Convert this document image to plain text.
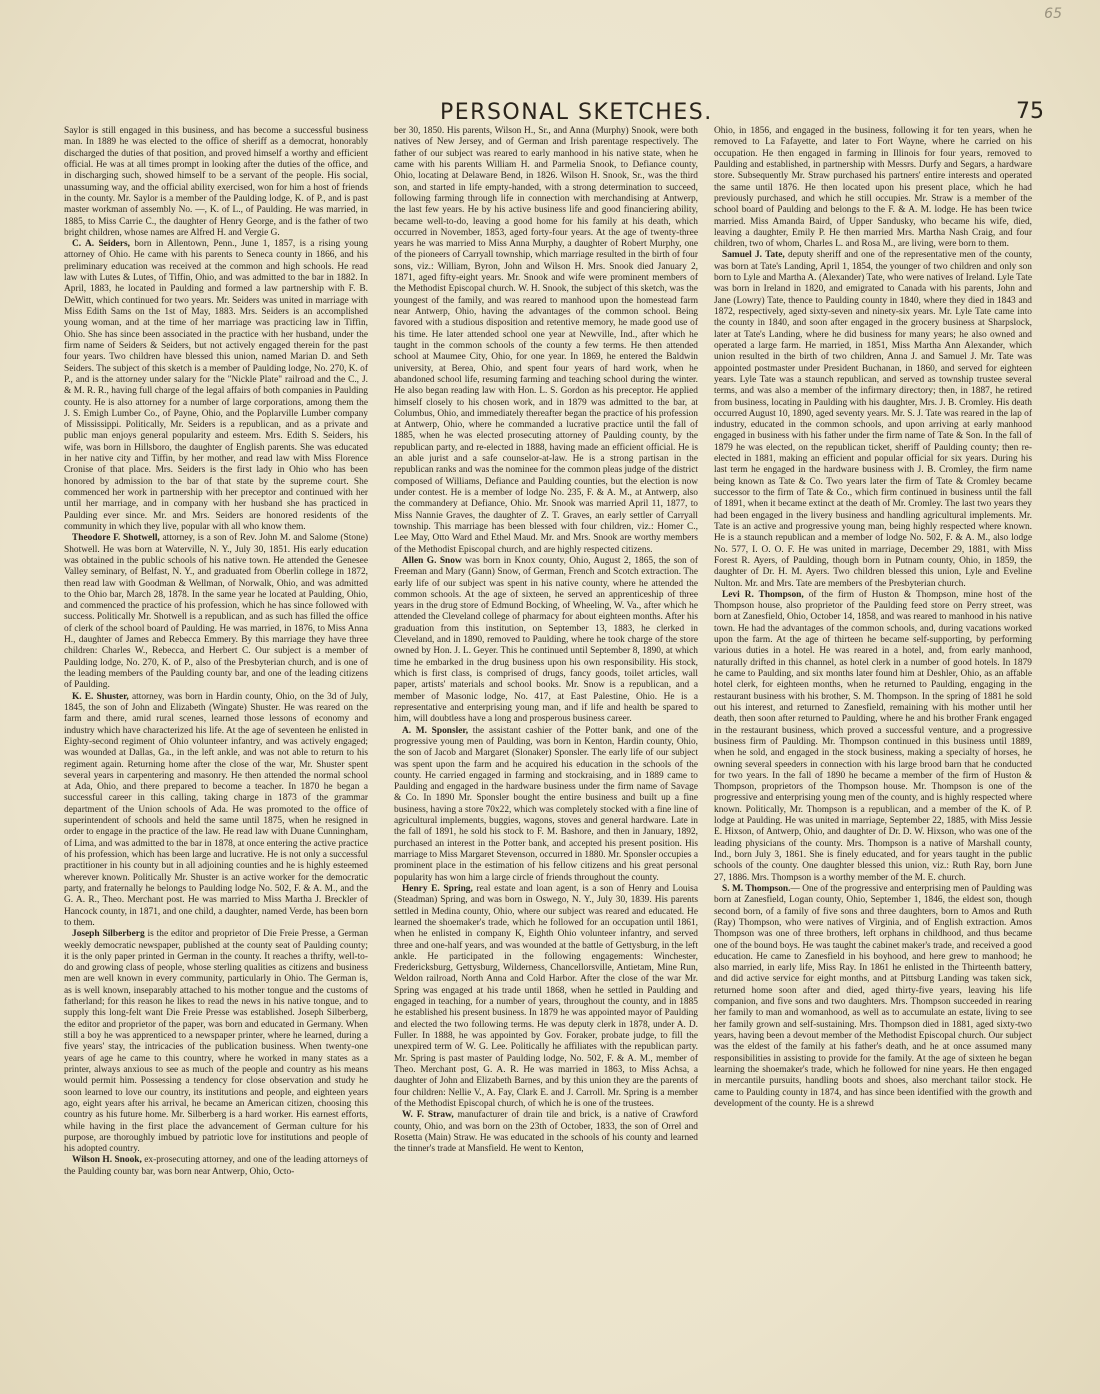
65
PERSONAL SKETCHES.	75

Saylor is still engaged in this business, and has become a successful business man. In 1889 he was elected to the office of sheriff as a democrat, honorably discharged the duties of that position, and proved himself a worthy and efficient official. He was at all times prompt in looking after the duties of the office, and in discharging such, showed himself to be a servant of the people. His social, unassuming way, and the official ability exercised, won for him a host of friends in the county. Mr. Saylor is a member of the Paulding lodge, K. of P., and is past master workman of assembly No. —, K. of L., of Paulding. He was married, in 1885, to Miss Carrie C., the daughter of Henry George, and is the father of two bright children, whose names are Alfred H. and Vergie G.

C. A. Seiders, born in Allentown, Penn., June 1, 1857, is a rising young attorney of Ohio. He came with his parents to Seneca county in 1866, and his preliminary education was received at the common and high schools. He read law with Lutes & Lutes, of Tiffin, Ohio, and was admitted to the bar in 1882. In April, 1883, he located in Paulding and formed a law partnership with F. B. DeWitt, which continued for two years. Mr. Seiders was united in marriage with Miss Edith Sams on the 1st of May, 1883. Mrs. Seiders is an accomplished young woman, and at the time of her marriage was practicing law in Tiffin, Ohio. She has since been associated in the practice with her husband, under the firm name of Seiders & Seiders, but not actively engaged therein for the past four years. Two children have blessed this union, named Marian D. and Seth Seiders. The subject of this sketch is a member of Paulding lodge, No. 270, K. of P., and is the attorney under salary for the "Nickle Plate" railroad and the C., J. & M. R. R., having full charge of the legal affairs of both companies in Paulding county. He is also attorney for a number of large corporations, among them the J. S. Emigh Lumber Co., of Payne, Ohio, and the Poplarville Lumber company of Mississippi. Politically, Mr. Seiders is a republican, and as a private and public man enjoys general popularity and esteem. Mrs. Edith S. Seiders, his wife, was born in Hillsboro, the daughter of English parents. She was educated in her native city and Tiffin, by her mother, and read law with Miss Florence Cronise of that place. Mrs. Seiders is the first lady in Ohio who has been honored by admission to the bar of that state by the supreme court. She commenced her work in partnership with her preceptor and continued with her until her marriage, and in company with her husband she has practiced in Paulding ever since. Mr. and Mrs. Seiders are honored residents of the community in which they live, popular with all who know them.

Theodore F. Shotwell, attorney, is a son of Rev. John M. and Salome (Stone) Shotwell. He was born at Waterville, N. Y., July 30, 1851. His early education was obtained in the public schools of his native town. He attended the Genesee Valley seminary, of Belfast, N. Y., and graduated from Oberlin college in 1872, then read law with Goodman & Wellman, of Norwalk, Ohio, and was admitted to the Ohio bar, March 28, 1878. In the same year he located at Paulding, Ohio, and commenced the practice of his profession, which he has since followed with success. Politically Mr. Shotwell is a republican, and as such has filled the office of clerk of the school board of Paulding. He was married, in 1876, to Miss Anna H., daughter of James and Rebecca Emmery. By this marriage they have three children: Charles W., Rebecca, and Herbert C. Our subject is a member of Paulding lodge, No. 270, K. of P., also of the Presbyterian church, and is one of the leading members of the Paulding county bar, and one of the leading citizens of Paulding.

K. E. Shuster, attorney, was born in Hardin county, Ohio, on the 3d of July, 1845, the son of John and Elizabeth (Wingate) Shuster. He was reared on the farm and there, amid rural scenes, learned those lessons of economy and industry which have characterized his life. At the age of seventeen he enlisted in Eighty-second regiment of Ohio volunteer infantry, and was actively engaged; was wounded at Dallas, Ga., in the left ankle, and was not able to return to his regiment again. Returning home after the close of the war, Mr. Shuster spent several years in carpentering and masonry. He then attended the normal school at Ada, Ohio, and there prepared to become a teacher. In 1870 he began a successful career in this calling, taking charge in 1873 of the grammar department of the Union schools of Ada. He was promoted to the office of superintendent of schools and held the same until 1875, when he resigned in order to engage in the practice of the law. He read law with Duane Cunningham, of Lima, and was admitted to the bar in 1878, at once entering the active practice of his profession, which has been large and lucrative. He is not only a successful practitioner in his county but in all adjoining counties and he is highly esteemed wherever known. Politically Mr. Shuster is an active worker for the democratic party, and fraternally he belongs to Paulding lodge No. 502, F. & A. M., and the G. A. R., Theo. Merchant post. He was married to Miss Martha J. Breckler of Hancock county, in 1871, and one child, a daughter, named Verde, has been born to them.

Joseph Silberberg is the editor and proprietor of Die Freie Presse, a German weekly democratic newspaper, published at the county seat of Paulding county; it is the only paper printed in German in the county. It reaches a thrifty, well-to-do and growing class of people, whose sterling qualities as citizens and business men are well known in every community, particularly in Ohio. The German is, as is well known, inseparably attached to his mother tongue and the customs of fatherland; for this reason he likes to read the news in his native tongue, and to supply this long-felt want Die Freie Presse was established. Joseph Silberberg, the editor and proprietor of the paper, was born and educated in Germany. When still a boy he was apprenticed to a newspaper printer, where he learned, during a five years' stay, the intricacies of the publication business. When twenty-one years of age he came to this country, where he worked in many states as a printer, always anxious to see as much of the people and country as his means would permit him. Possessing a tendency for close observation and study he soon learned to love our country, its institutions and people, and eighteen years ago, eight years after his arrival, he became an American citizen, choosing this country as his future home. Mr. Silberberg is a hard worker. His earnest efforts, while having in the first place the advancement of German culture for his purpose, are thoroughly imbued by patriotic love for institutions and people of his adopted country.

Wilson H. Snook, ex-prosecuting attorney, and one of the leading attorneys of the Paulding county bar, was born near Antwerp, Ohio, Octo-

ber 30, 1850. His parents, Wilson H., Sr., and Anna (Murphy) Snook, were both natives of New Jersey, and of German and Irish parentage respectively. The father of our subject was reared to early manhood in his native state, when he came with his parents William H. and Parmelia Snook, to Defiance county, Ohio, locating at Delaware Bend, in 1826. Wilson H. Snook, Sr., was the third son, and started in life empty-handed, with a strong determination to succeed, following farming through life in connection with merchandising at Antwerp, the last few years. He by his active business life and good financiering ability, became well-to-do, leaving a good home for his family at his death, which occurred in November, 1853, aged forty-four years. At the age of twenty-three years he was married to Miss Anna Murphy, a daughter of Robert Murphy, one of the pioneers of Carryall township, which marriage resulted in the birth of four sons, viz.: William, Byron, John and Wilson H. Mrs. Snook died January 2, 1871, aged fifty-eight years. Mr. Snook and wife were prominent members of the Methodist Episcopal church. W. H. Snook, the subject of this sketch, was the youngest of the family, and was reared to manhood upon the homestead farm near Antwerp, Ohio, having the advantages of the common school. Being favored with a studious disposition and retentive memory, he made good use of his time. He later attended school one year at Newville, Ind., after which he taught in the common schools of the county a few terms. He then attended school at Maumee City, Ohio, for one year. In 1869, he entered the Baldwin university, at Berea, Ohio, and spent four years of hard work, when he abandoned school life, resuming farming and teaching school during the winter. He also began reading law with Hon. L. S. Gordon as his preceptor. He applied himself closely to his chosen work, and in 1879 was admitted to the bar, at Columbus, Ohio, and immediately thereafter began the practice of his profession at Antwerp, Ohio, where he commanded a lucrative practice until the fall of 1885, when he was elected prosecuting attorney of Paulding county, by the republican party, and re-elected in 1888, having made an efficient official. He is an able jurist and a safe counselor-at-law. He is a strong partisan in the republican ranks and was the nominee for the common pleas judge of the district composed of Williams, Defiance and Paulding counties, but the election is now under contest. He is a member of lodge No. 235, F. & A. M., at Antwerp, also the commandery at Defiance, Ohio. Mr. Snook was married April 11, 1877, to Miss Nannie Graves, the daughter of Z. T. Graves, an early settler of Carryall township. This marriage has been blessed with four children, viz.: Homer C., Lee May, Otto Ward and Ethel Maud. Mr. and Mrs. Snook are worthy members of the Methodist Episcopal church, and are highly respected citizens.

Allen G. Snow was born in Knox county, Ohio, August 2, 1865, the son of Freeman and Mary (Gann) Snow, of German, French and Scotch extraction. The early life of our subject was spent in his native county, where he attended the common schools. At the age of sixteen, he served an apprenticeship of three years in the drug store of Edmund Bocking, of Wheeling, W. Va., after which he attended the Cleveland college of pharmacy for about eighteen months. After his graduation from this institution, on September 13, 1883, he clerked in Cleveland, and in 1890, removed to Paulding, where he took charge of the store owned by Hon. J. L. Geyer. This he continued until September 8, 1890, at which time he embarked in the drug business upon his own responsibility. His stock, which is first class, is comprised of drugs, fancy goods, toilet articles, wall paper, artists' materials and school books. Mr. Snow is a republican, and a member of Masonic lodge, No. 417, at East Palestine, Ohio. He is a representative and enterprising young man, and if life and health be spared to him, will doubtless have a long and prosperous business career.

A. M. Sponsler, the assistant cashier of the Potter bank, and one of the progressive young men of Paulding, was born in Kenton, Hardin county, Ohio, the son of Jacob and Margaret (Slonaker) Sponsler. The early life of our subject was spent upon the farm and he acquired his education in the schools of the county. He carried engaged in farming and stockraising, and in 1889 came to Paulding and engaged in the hardware business under the firm name of Savage & Co. In 1890 Mr. Sponsler bought the entire business and built up a fine business, having a store 70x22, which was completely stocked with a fine line of agricultural implements, buggies, wagons, stoves and general hardware. Late in the fall of 1891, he sold his stock to F. M. Bashore, and then in January, 1892, purchased an interest in the Potter bank, and accepted his present position. His marriage to Miss Margaret Stevenson, occurred in 1880. Mr. Sponsler occupies a prominent place in the estimation of his fellow citizens and his great personal popularity has won him a large circle of friends throughout the county.

Henry E. Spring, real estate and loan agent, is a son of Henry and Louisa (Steadman) Spring, and was born in Oswego, N. Y., July 30, 1839. His parents settled in Medina county, Ohio, where our subject was reared and educated. He learned the shoemaker's trade, which he followed for an occupation until 1861, when he enlisted in company K, Eighth Ohio volunteer infantry, and served three and one-half years, and was wounded at the battle of Gettysburg, in the left ankle. He participated in the following engagements: Winchester, Fredericksburg, Gettysburg, Wilderness, Chancellorsville, Antietam, Mine Run, Weldon railroad, North Anna and Cold Harbor. After the close of the war Mr. Spring was engaged at his trade until 1868, when he settled in Paulding and engaged in teaching, for a number of years, throughout the county, and in 1885 he established his present business. In 1879 he was appointed mayor of Paulding and elected the two following terms. He was deputy clerk in 1878, under A. D. Fuller. In 1888, he was appointed by Gov. Foraker, probate judge, to fill the unexpired term of W. G. Lee. Politically he affiliates with the republican party. Mr. Spring is past master of Paulding lodge, No. 502, F. & A. M., member of Theo. Merchant post, G. A. R. He was married in 1863, to Miss Achsa, a daughter of John and Elizabeth Barnes, and by this union they are the parents of four children: Nellie V., A. Fay, Clark E. and J. Carroll. Mr. Spring is a member of the Methodist Episcopal church, of which he is one of the trustees.

W. F. Straw, manufacturer of drain tile and brick, is a native of Crawford county, Ohio, and was born on the 23th of October, 1833, the son of Orrel and Rosetta (Main) Straw. He was educated in the schools of his county and learned the tinner's trade at Mansfield. He went to Kenton,

Ohio, in 1856, and engaged in the business, following it for ten years, when he removed to La Fafayette, and later to Fort Wayne, where he carried on his occupation. He then engaged in farming in Illinois for four years, removed to Paulding and established, in partnership with Messrs. Durfy and Segars, a hardware store. Subsequently Mr. Straw purchased his partners' entire interests and operated the same until 1876. He then located upon his present place, which he had previously purchased, and which he still occupies. Mr. Straw is a member of the school board of Paulding and belongs to the F. & A. M. lodge. He has been twice married. Miss Amanda Baird, of Upper Sandusky, who became his wife, died, leaving a daughter, Emily P. He then married Mrs. Martha Nash Craig, and four children, two of whom, Charles L. and Rosa M., are living, were born to them.

Samuel J. Tate, deputy sheriff and one of the representative men of the county, was born at Tate's Landing, April 1, 1854, the younger of two children and only son born to Lyle and Martha A. (Alexander) Tate, who were natives of Ireland. Lyle Tate was born in Ireland in 1820, and emigrated to Canada with his parents, John and Jane (Lowry) Tate, thence to Paulding county in 1840, where they died in 1843 and 1872, respectively, aged sixty-seven and ninety-six years. Mr. Lyle Tate came into the county in 1840, and soon after engaged in the grocery business at Sharpslock, later at Tate's Landing, where he did business for many years; he also owned and operated a large farm. He married, in 1851, Miss Martha Ann Alexander, which union resulted in the birth of two children, Anna J. and Samuel J. Mr. Tate was appointed postmaster under President Buchanan, in 1860, and served for eighteen years. Lyle Tate was a staunch republican, and served as township trustee several terms, and was also a member of the infirmary directory; then, in 1887, he retired from business, locating in Paulding with his daughter, Mrs. J. B. Cromley. His death occurred August 10, 1890, aged seventy years. Mr. S. J. Tate was reared in the lap of industry, educated in the common schools, and upon arriving at early manhood engaged in business with his father under the firm name of Tate & Son. In the fall of 1879 he was elected, on the republican ticket, sheriff of Paulding county; then re-elected in 1881, making an efficient and popular official for six years. During his last term he engaged in the hardware business with J. B. Cromley, the firm name being known as Tate & Co. Two years later the firm of Tate & Cromley became successor to the firm of Tate & Co., which firm continued in business until the fall of 1891, when it became extinct at the death of Mr. Cromley. The last two years they had been engaged in the livery business and handling agricultural implements. Mr. Tate is an active and progressive young man, being highly respected where known. He is a staunch republican and a member of lodge No. 502, F. & A. M., also lodge No. 577, I. O. O. F. He was united in marriage, December 29, 1881, with Miss Forest R. Ayers, of Paulding, though born in Putnam county, Ohio, in 1859, the daughter of Dr. H. M. Ayers. Two children blessed this union, Lyle and Eveline Nulton. Mr. and Mrs. Tate are members of the Presbyterian church.

Levi R. Thompson, of the firm of Huston & Thompson, mine host of the Thompson house, also proprietor of the Paulding feed store on Perry street, was born at Zanesfield, Ohio, October 14, 1858, and was reared to manhood in his native town. He had the advantages of the common schools, and, during vacations worked upon the farm. At the age of thirteen he became self-supporting, by performing various duties in a hotel. He was reared in a hotel, and, from early manhood, naturally drifted in this channel, as hotel clerk in a number of good hotels. In 1879 he came to Paulding, and six months later found him at Deshler, Ohio, as an affable hotel clerk, for eighteen months, when he returned to Paulding, engaging in the restaurant business with his brother, S. M. Thompson. In the spring of 1881 he sold out his interest, and returned to Zanesfield, remaining with his mother until her death, then soon after returned to Paulding, where he and his brother Frank engaged in the restaurant business, which proved a successful venture, and a progressive business firm of Paulding. Mr. Thompson continued in this business until 1889, when he sold, and engaged in the stock business, making a specialty of horses, he owning several speeders in connection with his large brood barn that he conducted for two years. In the fall of 1890 he became a member of the firm of Huston & Thompson, proprietors of the Thompson house. Mr. Thompson is one of the progressive and enterprising young men of the county, and is highly respected where known. Politically, Mr. Thompson is a republican, and a member of the K. of P. lodge at Paulding. He was united in marriage, September 22, 1885, with Miss Jessie E. Hixson, of Antwerp, Ohio, and daughter of Dr. D. W. Hixson, who was one of the leading physicians of the county. Mrs. Thompson is a native of Marshall county, Ind., born July 3, 1861. She is finely educated, and for years taught in the public schools of the county. One daughter blessed this union, viz.: Ruth Ray, born June 27, 1886. Mrs. Thompson is a worthy member of the M. E. church.

S. M. Thompson.— One of the progressive and enterprising men of Paulding was born at Zanesfield, Logan county, Ohio, September 1, 1846, the eldest son, though second born, of a family of five sons and three daughters, born to Amos and Ruth (Ray) Thompson, who were natives of Virginia, and of English extraction. Amos Thompson was one of three brothers, left orphans in childhood, and thus became one of the bound boys. He was taught the cabinet maker's trade, and received a good education. He came to Zanesfield in his boyhood, and here grew to manhood; he also married, in early life, Miss Ray. In 1861 he enlisted in the Thirteenth battery, and did active service for eight months, and at Pittsburg Landing was taken sick, returned home soon after and died, aged thirty-five years, leaving his life companion, and five sons and two daughters. Mrs. Thompson succeeded in rearing her family to man and womanhood, as well as to accumulate an estate, living to see her family grown and self-sustaining. Mrs. Thompson died in 1881, aged sixty-two years, having been a devout member of the Methodist Episcopal church. Our subject was the eldest of the family at his father's death, and he at once assumed many responsibilities in assisting to provide for the family. At the age of sixteen he began learning the shoemaker's trade, which he followed for nine years. He then engaged in mercantile pursuits, handling boots and shoes, also merchant tailor stock. He came to Paulding county in 1874, and has since been identified with the growth and development of the county. He is a shrewd
